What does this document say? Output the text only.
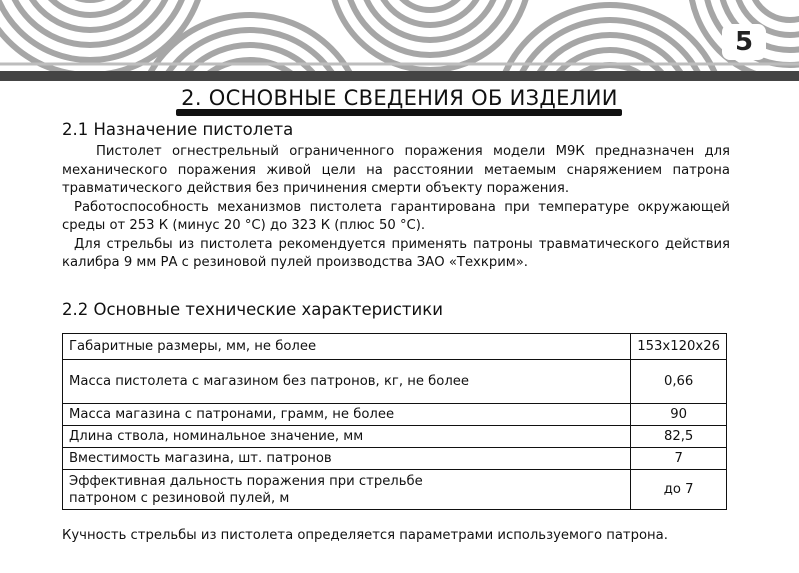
5
2. ОСНОВНЫЕ СВЕДЕНИЯ ОБ ИЗДЕЛИИ
2.1 Назначение пистолета

Пистолет огнестрельный ограниченного поражения модели М9К предназначен для механического поражения живой цели на расстоянии метаемым снаряжением патрона травматического действия без причинения смерти объекту поражения.

Работоспособность механизмов пистолета гарантирована при температуре окружающей среды от 253 К (минус 20 °С) до 323 К (плюс 50 °С).

Для стрельбы из пистолета рекомендуется применять патроны травматического действия калибра 9 мм РА с резиновой пулей производства ЗАО «Техкрим».

2.2 Основные технические характеристики
Габаритные размеры, мм, не более	153x120x26
Масса пистолета с магазином без патронов, кг, не более	0,66
Масса магазина с патронами, грамм, не более	90
Длина ствола, номинальное значение, мм	82,5
Вместимость магазина, шт. патронов	7
Эффективная дальность поражения при стрельбе патроном с резиновой пулей, м	до 7
Кучность стрельбы из пистолета определяется параметрами используемого патрона.
